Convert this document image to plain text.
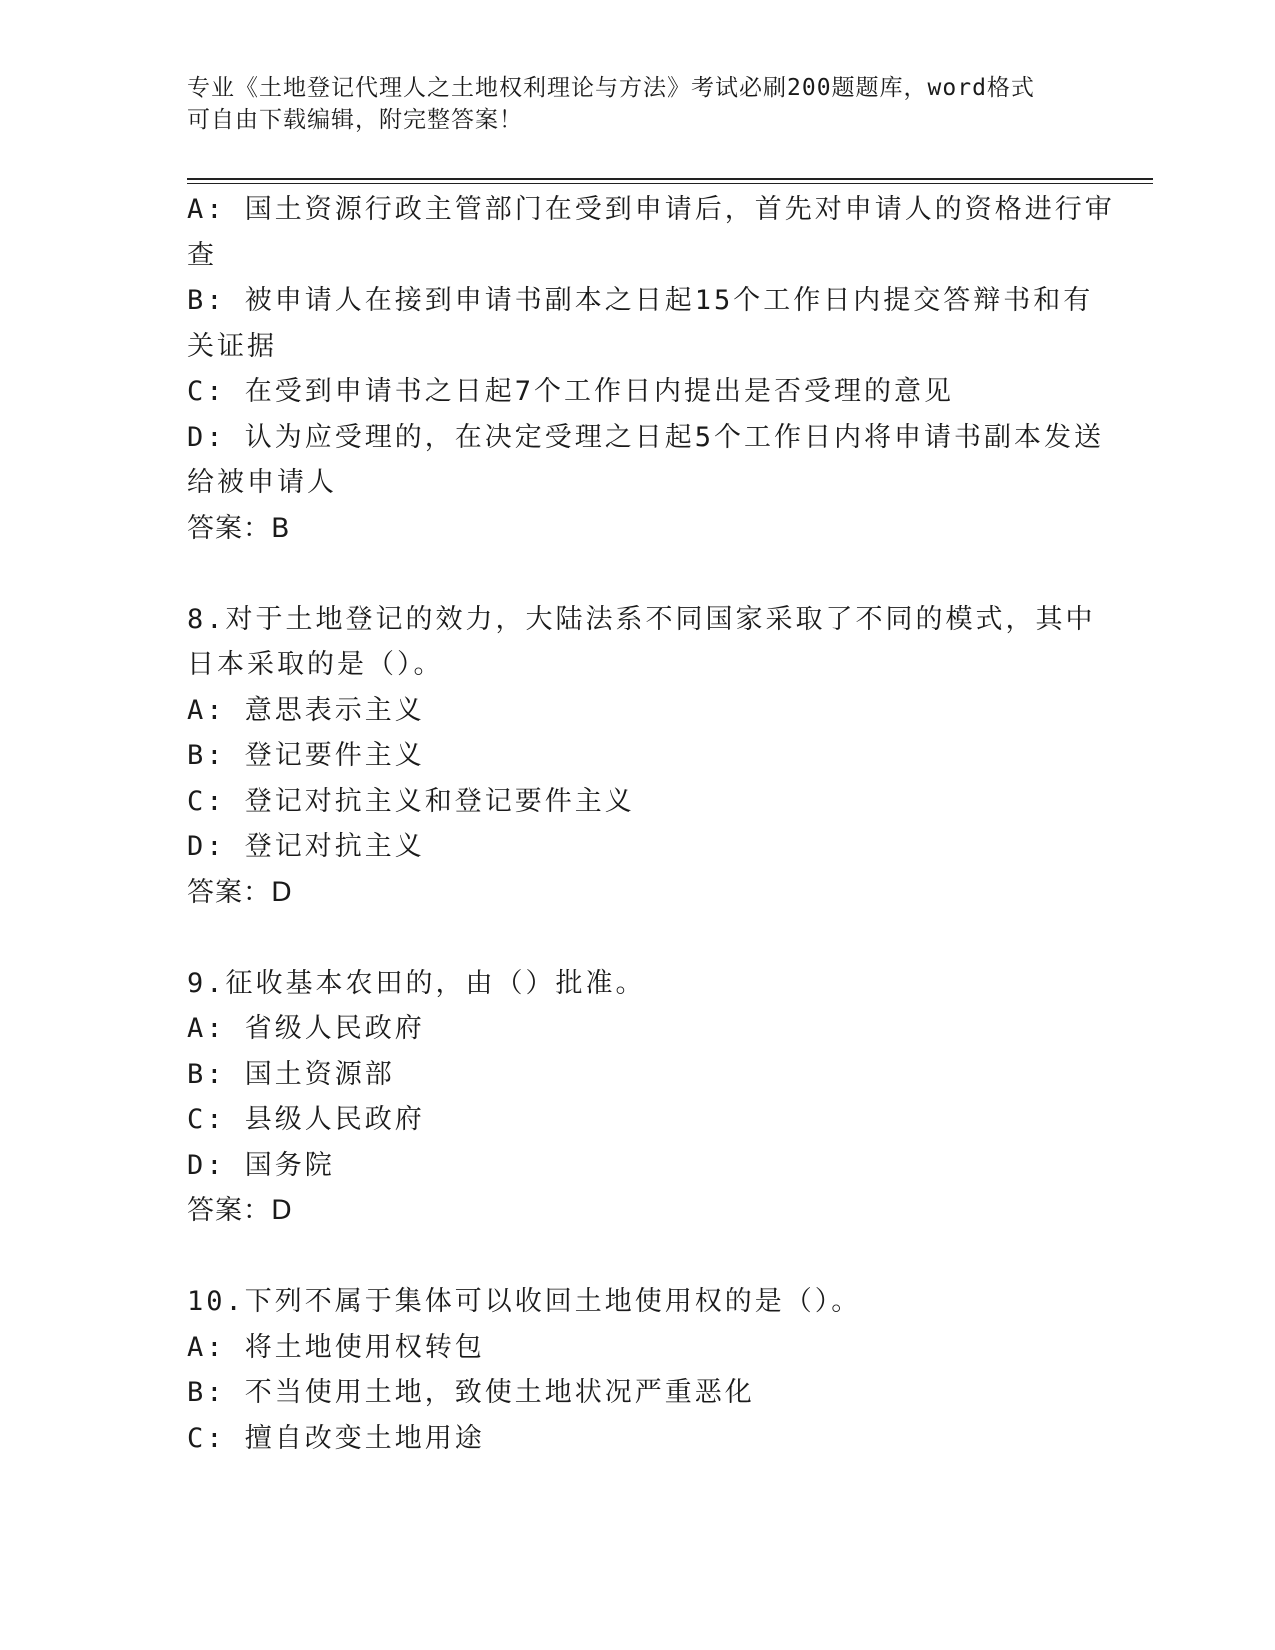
专业《土地登记代理人之土地权利理论与方法》考试必刷200题题库，word格式
可自由下载编辑，附完整答案！
A: 国土资源行政主管部门在受到申请后，首先对申请人的资格进行审
查
B: 被申请人在接到申请书副本之日起15个工作日内提交答辩书和有
关证据
C: 在受到申请书之日起7个工作日内提出是否受理的意见
D: 认为应受理的，在决定受理之日起5个工作日内将申请书副本发送
给被申请人
答案：B
8.对于土地登记的效力，大陆法系不同国家采取了不同的模式，其中
日本采取的是（）。
A: 意思表示主义
B: 登记要件主义
C: 登记对抗主义和登记要件主义
D: 登记对抗主义
答案：D
9.征收基本农田的，由（）批准。
A: 省级人民政府
B: 国土资源部
C: 县级人民政府
D: 国务院
答案：D
10.下列不属于集体可以收回土地使用权的是（）。
A: 将土地使用权转包
B: 不当使用土地，致使土地状况严重恶化
C: 擅自改变土地用途
